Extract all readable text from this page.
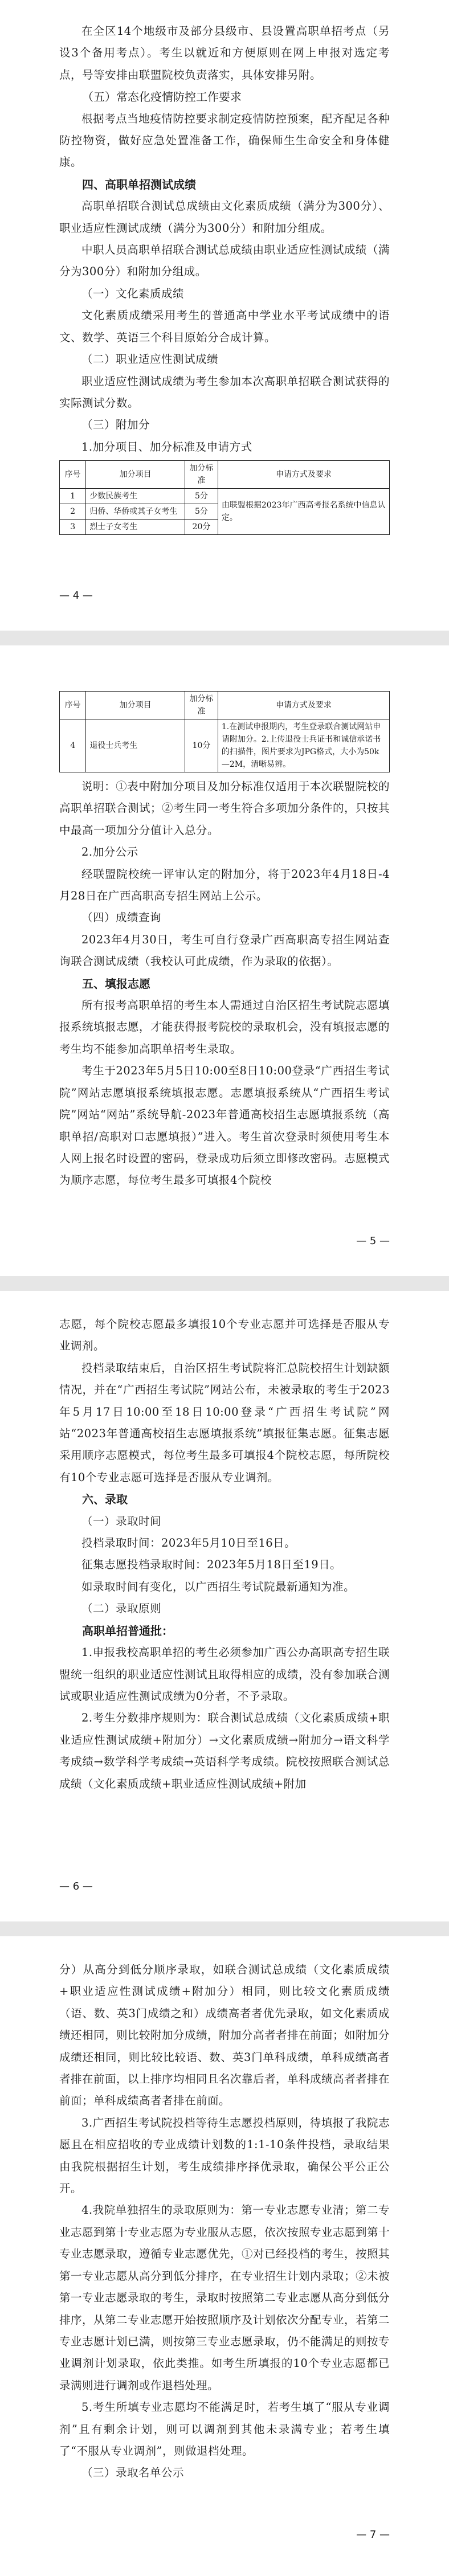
在全区14个地级市及部分县级市、县设置高职单招考点（另设3个备用考点）。考生以就近和方便原则在网上申报对选定考点，号等安排由联盟院校负责落实，具体安排另附。

（五）常态化疫情防控工作要求

根据考点当地疫情防控要求制定疫情防控预案，配齐配足各种防控物资，做好应急处置准备工作，确保师生生命安全和身体健康。

四、高职单招测试成绩

高职单招联合测试总成绩由文化素质成绩（满分为300分）、职业适应性测试成绩（满分为300分）和附加分组成。

中职人员高职单招联合测试总成绩由职业适应性测试成绩（满分为300分）和附加分组成。

（一）文化素质成绩

文化素质成绩采用考生的普通高中学业水平考试成绩中的语文、数学、英语三个科目原始分合成计算。

（二）职业适应性测试成绩

职业适应性测试成绩为考生参加本次高职单招联合测试获得的实际测试分数。

（三）附加分

1.加分项目、加分标准及申请方式

序号	加分项目	加分标准	申请方式及要求
1	少数民族考生	5分	由联盟根据2023年广西高考报名系统中信息认定。
2	归侨、华侨或其子女考生	5分	
3	烈士子女考生	20分	
— 4 —
序号	加分项目	加分标准	申请方式及要求
4	退役士兵考生	10分	1.在测试申报期内，考生登录联合测试网站申请附加分。2.上传退役士兵证书和诚信承诺书的扫描件，图片要求为JPG格式，大小为50k—2M，清晰易辨。

说明：①表中附加分项目及加分标准仅适用于本次联盟院校的高职单招联合测试；②考生同一考生符合多项加分条件的，只按其中最高一项加分分值计入总分。

2.加分公示

经联盟院校统一评审认定的附加分，将于2023年4月18日-4月28日在广西高职高专招生网站上公示。

（四）成绩查询

2023年4月30日，考生可自行登录广西高职高专招生网站查询联合测试成绩（我校认可此成绩，作为录取的依据）。

五、填报志愿

所有报考高职单招的考生本人需通过自治区招生考试院志愿填报系统填报志愿，才能获得报考院校的录取机会，没有填报志愿的考生均不能参加高职单招考生录取。

考生于2023年5月5日10:00至8日10:00登录“广西招生考试院”网站志愿填报系统填报志愿。志愿填报系统从“广西招生考试院”网站“网站”系统导航-2023年普通高校招生志愿填报系统（高职单招/高职对口志愿填报）”进入。考生首次登录时须使用考生本人网上报名时设置的密码，登录成功后须立即修改密码。志愿模式为顺序志愿，每位考生最多可填报4个院校

— 5 —

志愿，每个院校志愿最多填报10个专业志愿并可选择是否服从专业调剂。

投档录取结束后，自治区招生考试院将汇总院校招生计划缺额情况，并在“广西招生考试院”网站公布，未被录取的考生于2023年5月17日10:00至18日10:00登录“广西招生考试院”网站“2023年普通高校招生志愿填报系统”填报征集志愿。征集志愿采用顺序志愿模式，每位考生最多可填报4个院校志愿，每所院校有10个专业志愿可选择是否服从专业调剂。

六、录取

（一）录取时间

投档录取时间：2023年5月10日至16日。

征集志愿投档录取时间：2023年5月18日至19日。

如录取时间有变化，以广西招生考试院最新通知为准。

（二）录取原则

高职单招普通批：

1.申报我校高职单招的考生必须参加广西公办高职高专招生联盟统一组织的职业适应性测试且取得相应的成绩，没有参加联合测试或职业适应性测试成绩为0分者，不予录取。

2.考生分数排序规则为：联合测试总成绩（文化素质成绩+职业适应性测试成绩+附加分）→文化素质成绩→附加分→语文科学考成绩→数学科学考成绩→英语科学考成绩。院校按照联合测试总成绩（文化素质成绩+职业适应性测试成绩+附加

— 6 —

分）从高分到低分顺序录取，如联合测试总成绩（文化素质成绩+职业适应性测试成绩+附加分）相同，则比较文化素质成绩（语、数、英3门成绩之和）成绩高者者优先录取，如文化素质成绩还相同，则比较附加分成绩，附加分高者者排在前面；如附加分成绩还相同，则比较比较语、数、英3门单科成绩，单科成绩高者者排在前面，以上排序均相同且名次靠后者，单科成绩高者者排在前面；单科成绩高者者排在前面。

3.广西招生考试院投档等待生志愿投档原则，待填报了我院志愿且在相应招收的专业成绩计划数的1:1-10条件投档，录取结果由我院根据招生计划，考生成绩排序择优录取，确保公平公正公开。

4.我院单独招生的录取原则为：第一专业志愿专业清；第二专业志愿到第十专业志愿为专业服从志愿，依次按照专业志愿到第十专业志愿录取，遵循专业志愿优先，①对已经投档的考生，按照其第一专业志愿从高分到低分排序，在专业招生计划内录取；②未被第一专业志愿录取的考生，录取时按照第二专业志愿从高分到低分排序，从第二专业志愿开始按照顺序及计划依次分配专业，若第二专业志愿计划已满，则按第三专业志愿录取，仍不能满足的则按专业调剂计划录取，依此类推。如考生所填报的10个专业志愿都已录满则进行调剂或作退档处理。

5.考生所填专业志愿均不能满足时，若考生填了“服从专业调剂”且有剩余计划，则可以调剂到其他未录满专业；若考生填了“不服从专业调剂”，则做退档处理。

（三）录取名单公示

— 7 —
